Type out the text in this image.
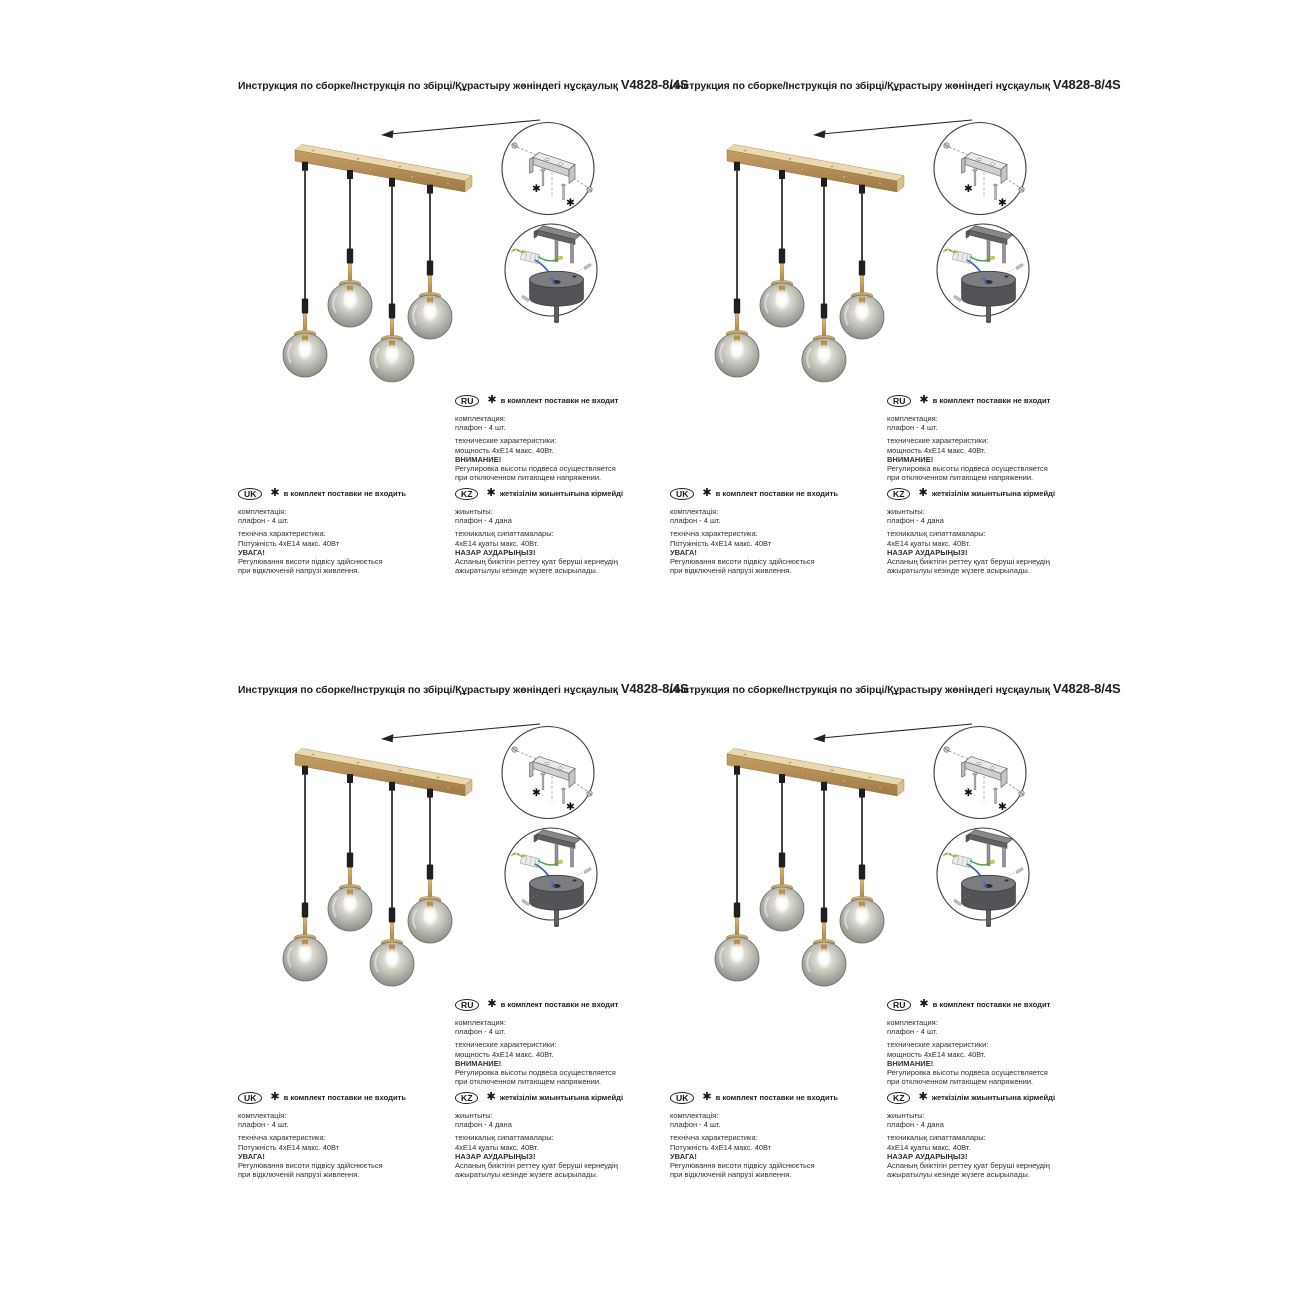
Инструкция по сборке/Інструкція по збірці/Құрастыру жөніндегі нұсқаулық V4828-8/4S
RU	✱ в комплект поставки не входит
комплектация:
плафон - 4 шт.
технические характеристики:
мощность 4хЕ14 макс. 40Вт.
ВНИМАНИЕ!
Регулировка высоты подвеса осуществляется
при отключенном питающем напряжении.
UK	✱ в комплект поставки не входить
комплектація:
плафон - 4 шт.
технічна характеристика:
Потужність 4хЕ14 макс. 40Вт
УВАГА!
Регулювання висоти підвісу здійснюється
при відключеній напрузі живлення.
KZ	✱ жеткізілім жиынтығына кірмейді
жиынтығы:
плафон - 4 дана
техникалық сипаттамалары:
4хЕ14 қуаты макс. 40Вт.
НАЗАР АУДАРЫҢЫЗ!
Аспаның биіктігін реттеу қуат беруші кернеудің
ажыратылуы кезінде жүзеге асырылады.
Инструкция по сборке/Інструкція по збірці/Құрастыру жөніндегі нұсқаулық V4828-8/4S
RU	✱ в комплект поставки не входит
комплектация:
плафон - 4 шт.
технические характеристики:
мощность 4хЕ14 макс. 40Вт.
ВНИМАНИЕ!
Регулировка высоты подвеса осуществляется
при отключенном питающем напряжении.
UK	✱ в комплект поставки не входить
комплектація:
плафон - 4 шт.
технічна характеристика:
Потужність 4хЕ14 макс. 40Вт
УВАГА!
Регулювання висоти підвісу здійснюється
при відключеній напрузі живлення.
KZ	✱ жеткізілім жиынтығына кірмейді
жиынтығы:
плафон - 4 дана
техникалық сипаттамалары:
4хЕ14 қуаты макс. 40Вт.
НАЗАР АУДАРЫҢЫЗ!
Аспаның биіктігін реттеу қуат беруші кернеудің
ажыратылуы кезінде жүзеге асырылады.
Инструкция по сборке/Інструкція по збірці/Құрастыру жөніндегі нұсқаулық V4828-8/4S
RU	✱ в комплект поставки не входит
комплектация:
плафон - 4 шт.
технические характеристики:
мощность 4хЕ14 макс. 40Вт.
ВНИМАНИЕ!
Регулировка высоты подвеса осуществляется
при отключенном питающем напряжении.
UK	✱ в комплект поставки не входить
комплектація:
плафон - 4 шт.
технічна характеристика:
Потужність 4хЕ14 макс. 40Вт
УВАГА!
Регулювання висоти підвісу здійснюється
при відключеній напрузі живлення.
KZ	✱ жеткізілім жиынтығына кірмейді
жиынтығы:
плафон - 4 дана
техникалық сипаттамалары:
4хЕ14 қуаты макс. 40Вт.
НАЗАР АУДАРЫҢЫЗ!
Аспаның биіктігін реттеу қуат беруші кернеудің
ажыратылуы кезінде жүзеге асырылады.
Инструкция по сборке/Інструкція по збірці/Құрастыру жөніндегі нұсқаулық V4828-8/4S
RU	✱ в комплект поставки не входит
комплектация:
плафон - 4 шт.
технические характеристики:
мощность 4хЕ14 макс. 40Вт.
ВНИМАНИЕ!
Регулировка высоты подвеса осуществляется
при отключенном питающем напряжении.
UK	✱ в комплект поставки не входить
комплектація:
плафон - 4 шт.
технічна характеристика:
Потужність 4хЕ14 макс. 40Вт
УВАГА!
Регулювання висоти підвісу здійснюється
при відключеній напрузі живлення.
KZ	✱ жеткізілім жиынтығына кірмейді
жиынтығы:
плафон - 4 дана
техникалық сипаттамалары:
4хЕ14 қуаты макс. 40Вт.
НАЗАР АУДАРЫҢЫЗ!
Аспаның биіктігін реттеу қуат беруші кернеудің
ажыратылуы кезінде жүзеге асырылады.
